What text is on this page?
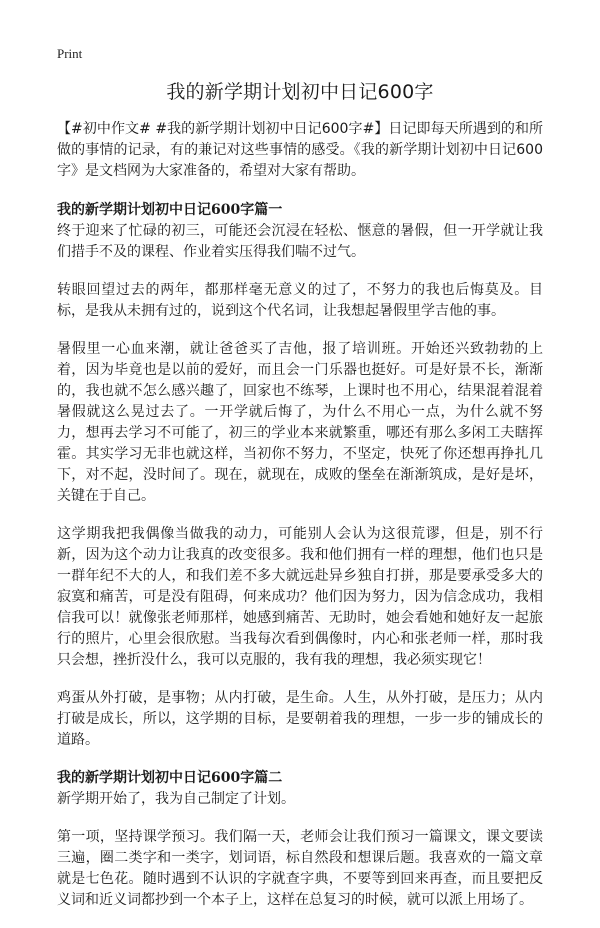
Print
我的新学期计划初中日记600字

【#初中作文# #我的新学期计划初中日记600字#】日记即每天所遇到的和所做的事情的记录，有的兼记对这些事情的感受。《我的新学期计划初中日记600字》是文档网为大家准备的，希望对大家有帮助。

我的新学期计划初中日记600字篇一

终于迎来了忙碌的初三，可能还会沉浸在轻松、惬意的暑假，但一开学就让我们措手不及的课程、作业着实压得我们喘不过气。

转眼回望过去的两年，都那样毫无意义的过了，不努力的我也后悔莫及。目标，是我从未拥有过的，说到这个代名词，让我想起暑假里学吉他的事。

暑假里一心血来潮，就让爸爸买了吉他，报了培训班。开始还兴致勃勃的上着，因为毕竟也是以前的爱好，而且会一门乐器也挺好。可是好景不长，渐渐的，我也就不怎么感兴趣了，回家也不练琴，上课时也不用心，结果混着混着暑假就这么晃过去了。一开学就后悔了，为什么不用心一点，为什么就不努力，想再去学习不可能了，初三的学业本来就繁重，哪还有那么多闲工夫瞎挥霍。其实学习无非也就这样，当初你不努力，不坚定，快死了你还想再挣扎几下，对不起，没时间了。现在，就现在，成败的堡垒在渐渐筑成，是好是坏，关键在于自己。

这学期我把我偶像当做我的动力，可能别人会认为这很荒谬，但是，别不行新，因为这个动力让我真的改变很多。我和他们拥有一样的理想，他们也只是一群年纪不大的人，和我们差不多大就远赴异乡独自打拼，那是要承受多大的寂寞和痛苦，可是没有阻碍，何来成功？他们因为努力，因为信念成功，我相信我可以！就像张老师那样，她感到痛苦、无助时，她会看她和她好友一起旅行的照片，心里会很欣慰。当我每次看到偶像时，内心和张老师一样，那时我只会想，挫折没什么，我可以克服的，我有我的理想，我必须实现它！

鸡蛋从外打破，是事物；从内打破，是生命。人生，从外打破，是压力；从内打破是成长，所以，这学期的目标，是要朝着我的理想，一步一步的铺成长的道路。

我的新学期计划初中日记600字篇二

新学期开始了，我为自己制定了计划。

第一项，坚持课学预习。我们隔一天，老师会让我们预习一篇课文，课文要读三遍，圈二类字和一类字，划词语，标自然段和想课后题。我喜欢的一篇文章就是七色花。随时遇到不认识的字就查字典，不要等到回来再查，而且要把反义词和近义词都抄到一个本子上，这样在总复习的时候，就可以派上用场了。
